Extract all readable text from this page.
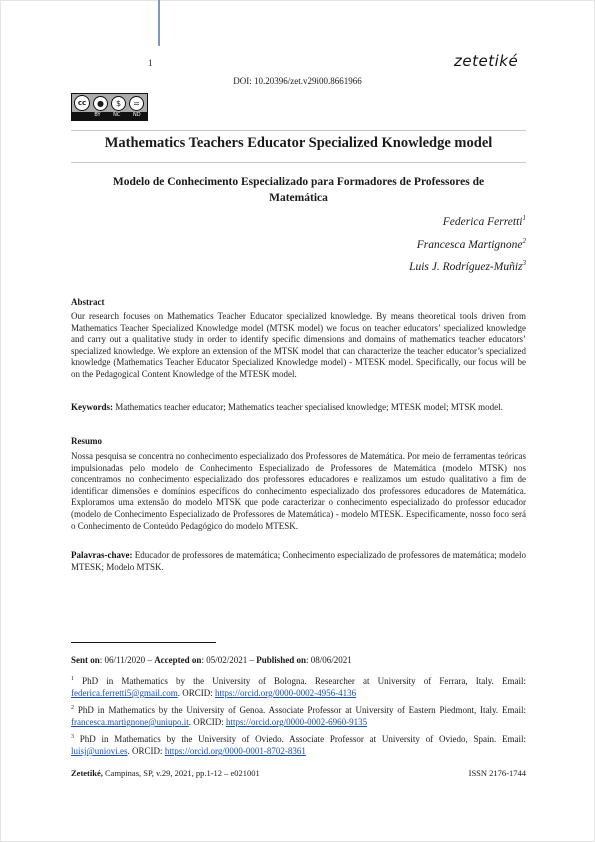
1	zetetiké
DOI: 10.20396/zet.v29i00.8661966
cc	●	$	=
BY	NC	ND
Mathematics Teachers Educator Specialized Knowledge model
Modelo de Conhecimento Especializado para Formadores de Professores de Matemática
Federica Ferretti$^1$
Francesca Martignone$^2$
Luis J. Rodríguez-Muñiz$^3$
Abstract
Our research focuses on Mathematics Teacher Educator specialized knowledge. By means theoretical tools driven from Mathematics Teacher Specialized Knowledge model (MTSK model) we focus on teacher educators’ specialized knowledge and carry out a qualitative study in order to identify specific dimensions and domains of mathematics teacher educators’ specialized knowledge. We explore an extension of the MTSK model that can characterize the teacher educator’s specialized knowledge (Mathematics Teacher Educator Specialized Knowledge model) - MTESK model. Specifically, our focus will be on the Pedagogical Content Knowledge of the MTESK model.
Keywords: Mathematics teacher educator; Mathematics teacher specialised knowledge; MTESK model; MTSK model.
Resumo
Nossa pesquisa se concentra no conhecimento especializado dos Professores de Matemática. Por meio de ferramentas teóricas impulsionadas pelo modelo de Conhecimento Especializado de Professores de Matemática (modelo MTSK) nos concentramos no conhecimento especializado dos professores educadores e realizamos um estudo qualitativo a fim de identificar dimensões e domínios específicos do conhecimento especializado dos professores educadores de Matemática. Exploramos uma extensão do modelo MTSK que pode caracterizar o conhecimento especializado do professor educador (modelo de Conhecimento Especializado de Professores de Matemática) - modelo MTESK. Especificamente, nosso foco será o Conhecimento de Conteúdo Pedagógico do modelo MTESK.
Palavras-chave: Educador de professores de matemática; Conhecimento especializado de professores de matemática; modelo MTESK; Modelo MTSK.
Sent on: 06/11/2020 – Accepted on: 05/02/2021 – Published on: 08/06/2021
$^1$ PhD in Mathematics by the University of Bologna. Researcher at University of Ferrara, Italy. Email: federica.ferretti5@gmail.com. ORCID: https://orcid.org/0000-0002-4956-4136
$^2$ PhD in Mathematics by the University of Genoa. Associate Professor at University of Eastern Piedmont, Italy. Email: francesca.martignone@uniupo.it. ORCID: https://orcid.org/0000-0002-6960-9135
$^3$ PhD in Mathematics by the University of Oviedo. Associate Professor at University of Oviedo, Spain. Email: luisj@uniovi.es. ORCID: https://orcid.org/0000-0001-8702-8361
Zetetiké, Campinas, SP, v.29, 2021, pp.1-12 – e021001	ISSN 2176-1744
